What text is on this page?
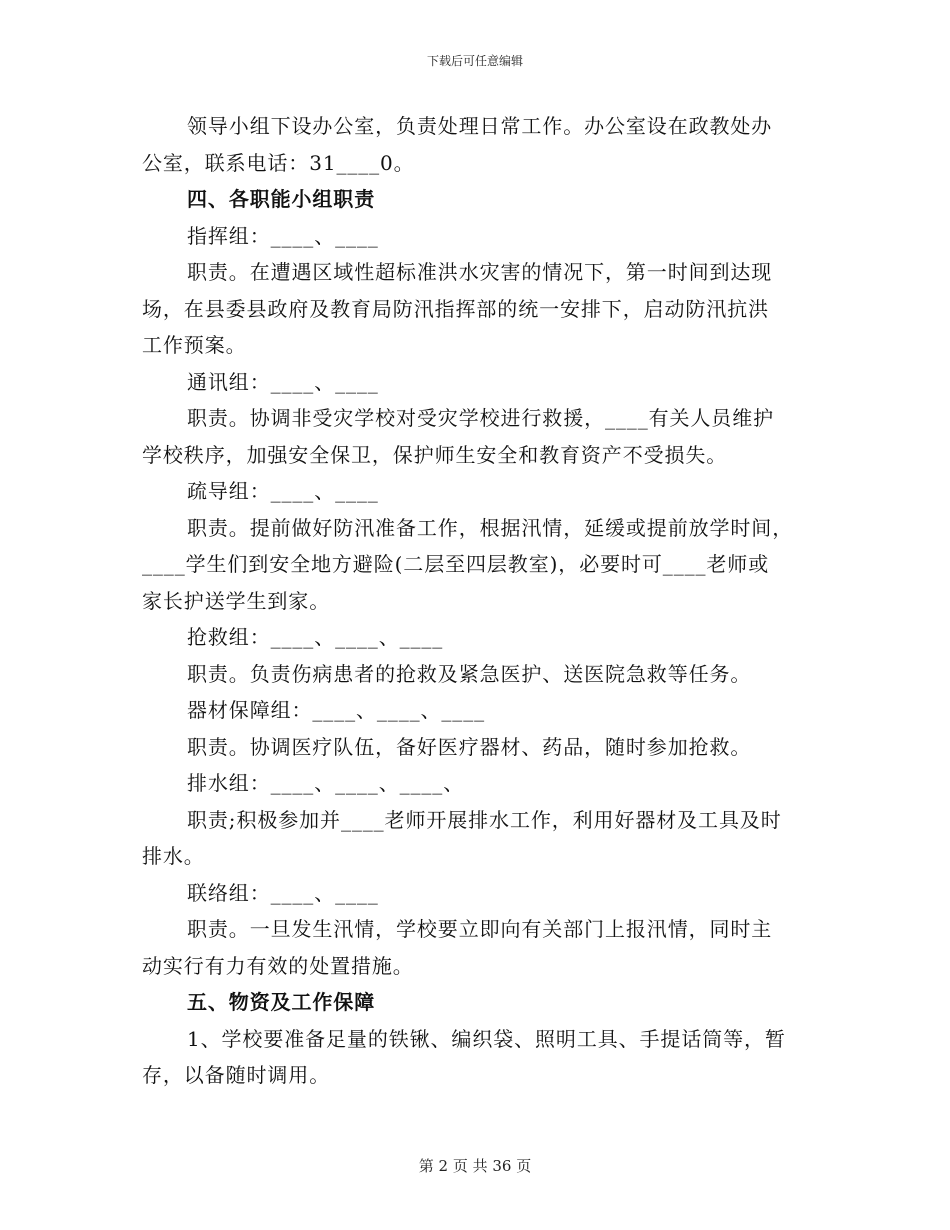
下载后可任意编辑
领导小组下设办公室，负责处理日常工作。办公室设在政教处办
公室，联系电话：31____0。
四、各职能小组职责
指挥组：____、____
职责。在遭遇区域性超标准洪水灾害的情况下，第一时间到达现
场，在县委县政府及教育局防汛指挥部的统一安排下，启动防汛抗洪
工作预案。
通讯组：____、____
职责。协调非受灾学校对受灾学校进行救援，____有关人员维护
学校秩序，加强安全保卫，保护师生安全和教育资产不受损失。
疏导组：____、____
职责。提前做好防汛准备工作，根据汛情，延缓或提前放学时间，
____学生们到安全地方避险(二层至四层教室)，必要时可____老师或
家长护送学生到家。
抢救组：____、____、____
职责。负责伤病患者的抢救及紧急医护、送医院急救等任务。
器材保障组：____、____、____
职责。协调医疗队伍，备好医疗器材、药品，随时参加抢救。
排水组：____、____、____、
职责;积极参加并____老师开展排水工作，利用好器材及工具及时
排水。
联络组：____、____
职责。一旦发生汛情，学校要立即向有关部门上报汛情，同时主
动实行有力有效的处置措施。
五、物资及工作保障
1、学校要准备足量的铁锹、编织袋、照明工具、手提话筒等，暂
存，以备随时调用。
第 2 页 共 36 页
